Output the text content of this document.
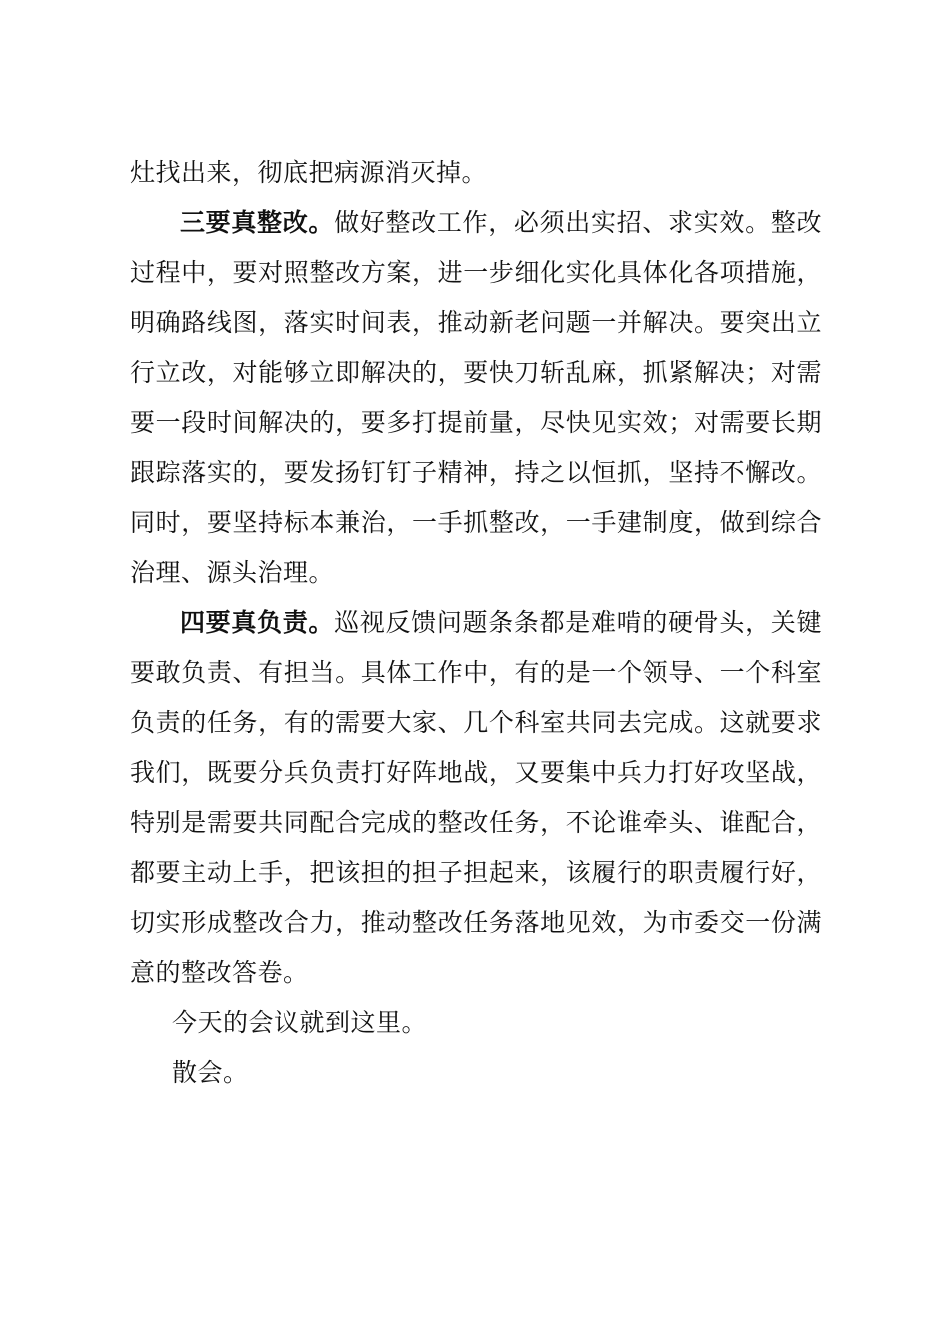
灶找出来，彻底把病源消灭掉。

三要真整改。做好整改工作，必须出实招、求实效。整改过程中，要对照整改方案，进一步细化实化具体化各项措施，明确路线图，落实时间表，推动新老问题一并解决。要突出立行立改，对能够立即解决的，要快刀斩乱麻，抓紧解决；对需要一段时间解决的，要多打提前量，尽快见实效；对需要长期跟踪落实的，要发扬钉钉子精神，持之以恒抓，坚持不懈改。同时，要坚持标本兼治，一手抓整改，一手建制度，做到综合治理、源头治理。

四要真负责。巡视反馈问题条条都是难啃的硬骨头，关键要敢负责、有担当。具体工作中，有的是一个领导、一个科室负责的任务，有的需要大家、几个科室共同去完成。这就要求我们，既要分兵负责打好阵地战，又要集中兵力打好攻坚战，特别是需要共同配合完成的整改任务，不论谁牵头、谁配合，都要主动上手，把该担的担子担起来，该履行的职责履行好，切实形成整改合力，推动整改任务落地见效，为市委交一份满意的整改答卷。

今天的会议就到这里。

散会。
